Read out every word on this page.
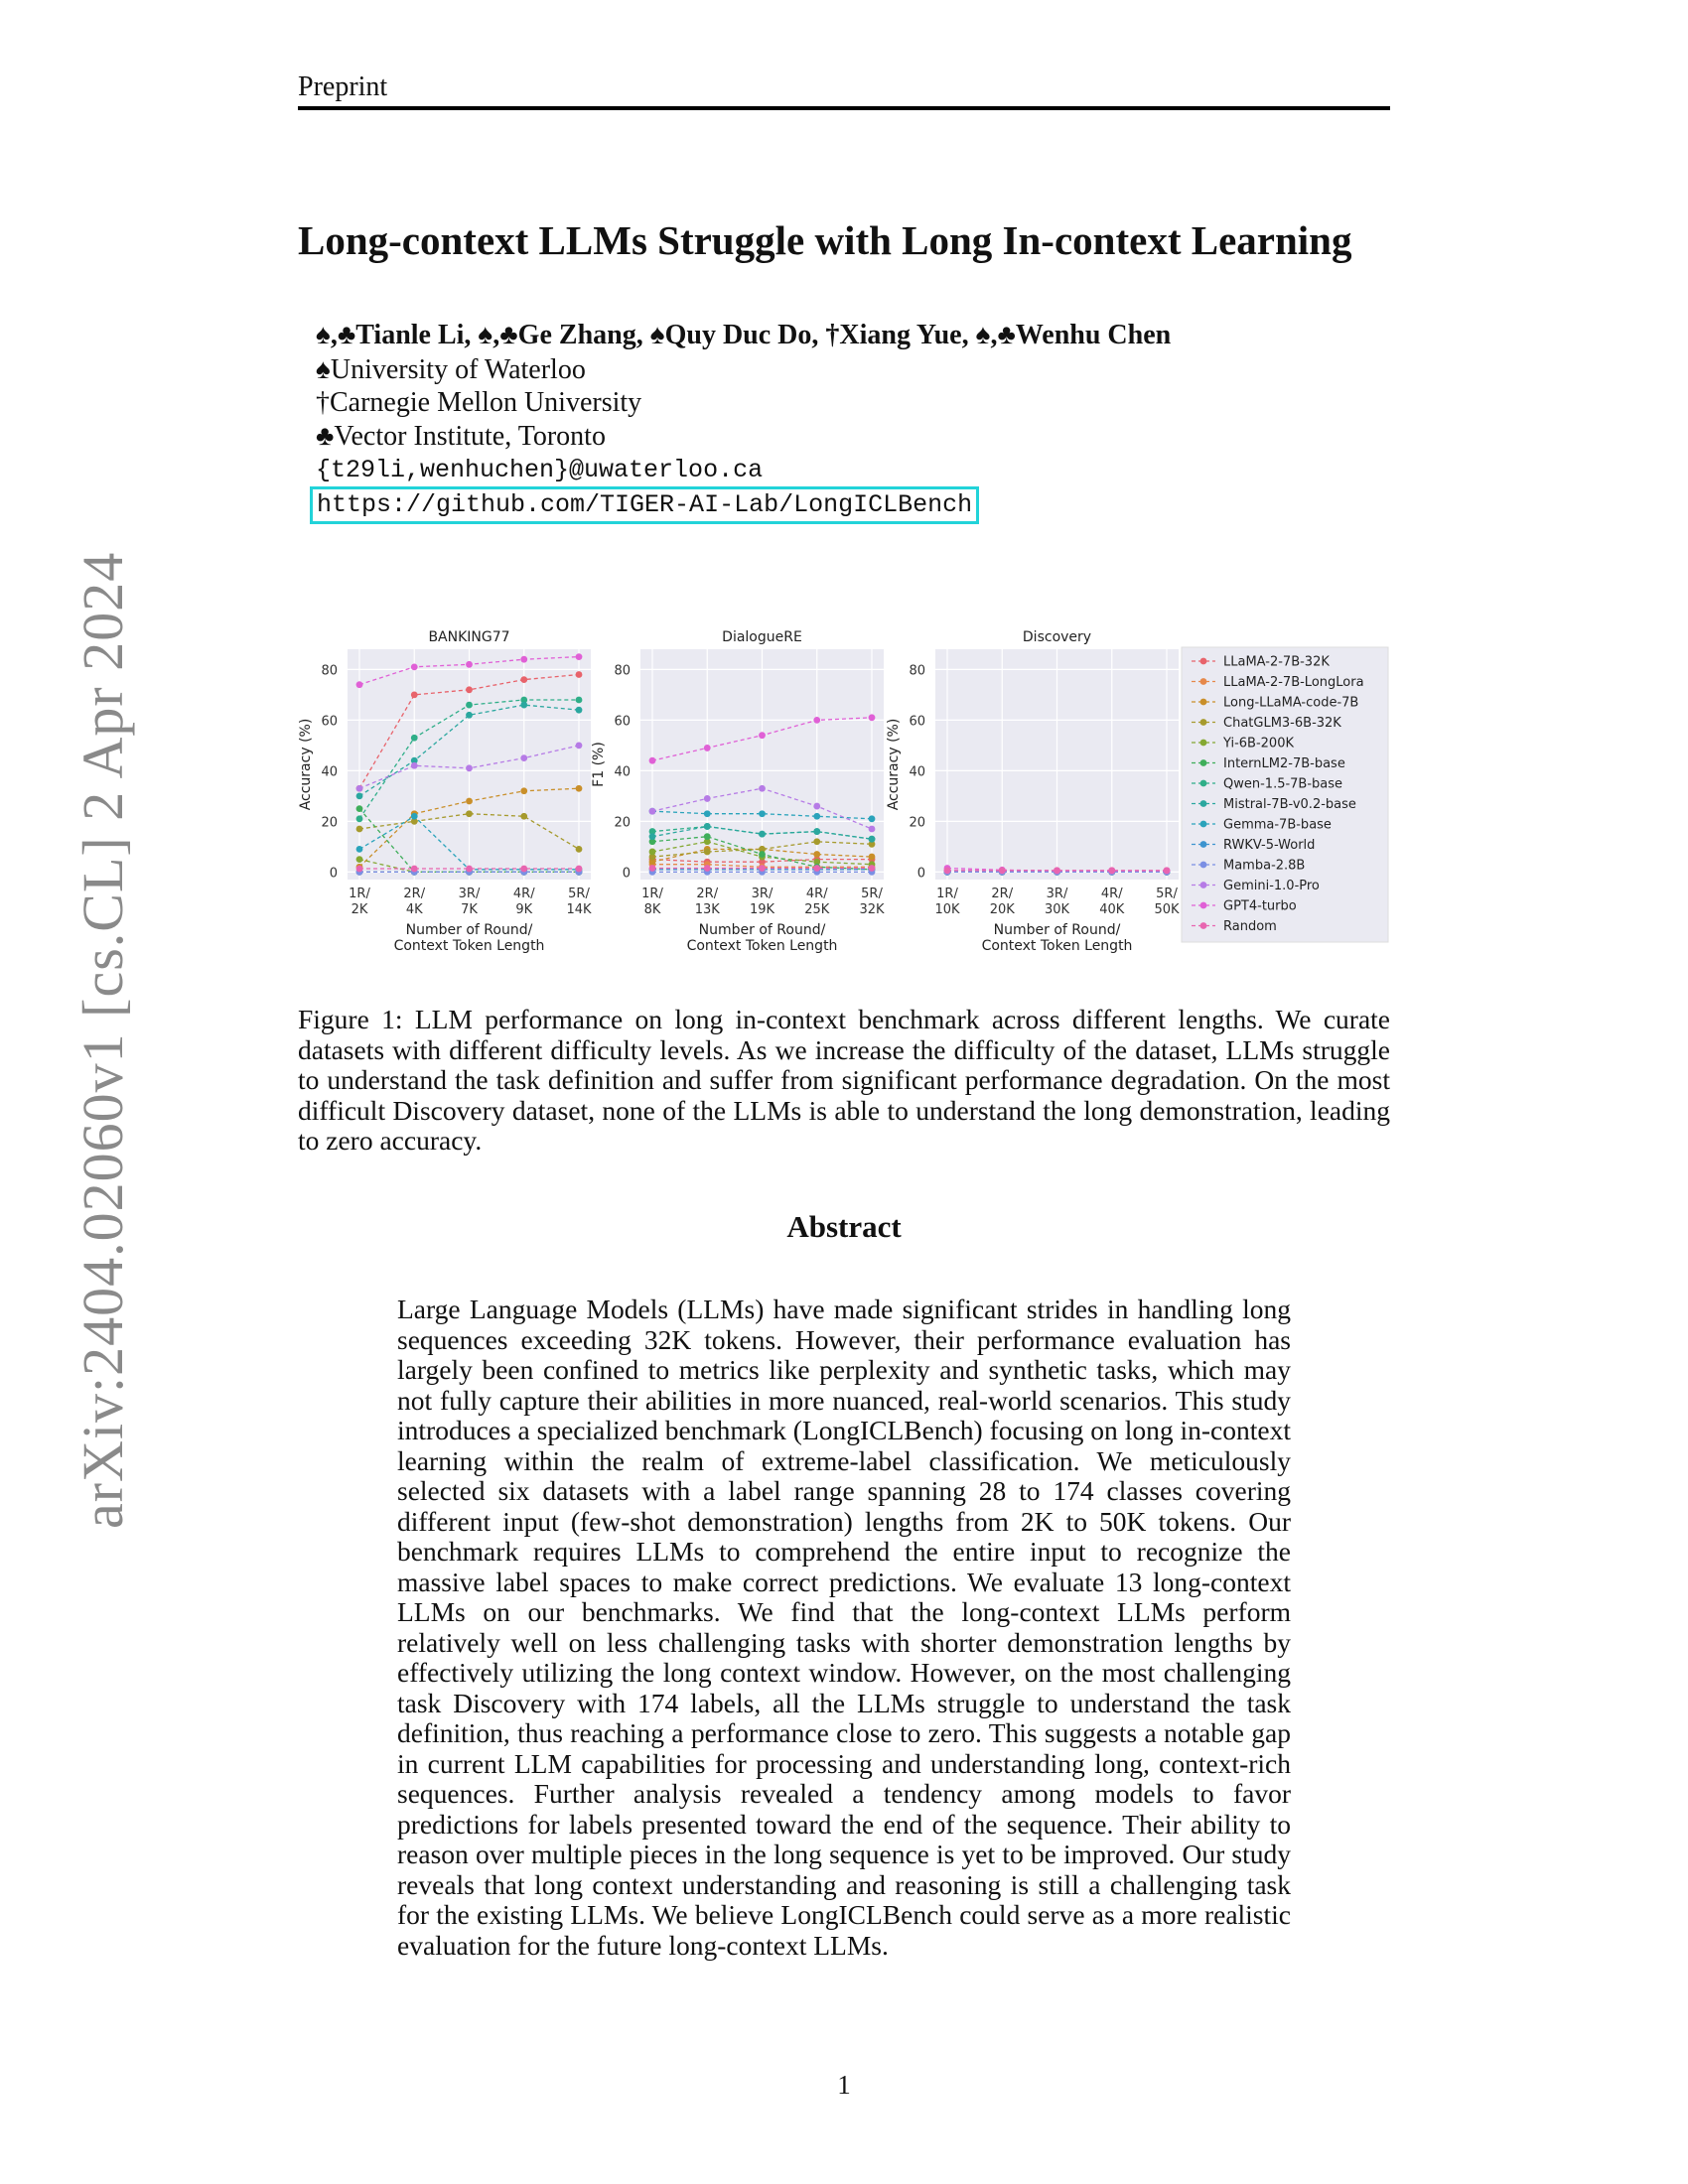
Preprint
arXiv:2404.02060v1 [cs.CL] 2 Apr 2024
Long-context LLMs Struggle with Long In-context Learning
♠,♣Tianle Li, ♠,♣Ge Zhang, ♠Quy Duc Do, †Xiang Yue, ♠,♣Wenhu Chen
♠University of Waterloo
†Carnegie Mellon University
♣Vector Institute, Toronto
{t29li,wenhuchen}@uwaterloo.ca
https://github.com/TIGER-AI-Lab/LongICLBench
0
20
40
60
80
1R/
2K
2R/
4K
3R/
7K
4R/
9K
5R/
14K
BANKING77
Number of Round/
Context Token Length
Accuracy (%)
0
20
40
60
80
1R/
8K
2R/
13K
3R/
19K
4R/
25K
5R/
32K
DialogueRE
Number of Round/
Context Token Length
F1 (%)
0
20
40
60
80
1R/
10K
2R/
20K
3R/
30K
4R/
40K
5R/
50K
Discovery
Number of Round/
Context Token Length
Accuracy (%)
LLaMA-2-7B-32K
LLaMA-2-7B-LongLora
Long-LLaMA-code-7B
ChatGLM3-6B-32K
Yi-6B-200K
InternLM2-7B-base
Qwen-1.5-7B-base
Mistral-7B-v0.2-base
Gemma-7B-base
RWKV-5-World
Mamba-2.8B
Gemini-1.0-Pro
GPT4-turbo
Random
Figure 1: LLM performance on long in-context benchmark across different lengths. We curate datasets with different difficulty levels. As we increase the difficulty of the dataset, LLMs struggle to understand the task definition and suffer from significant performance degradation. On the most difficult Discovery dataset, none of the LLMs is able to understand the long demonstration, leading to zero accuracy.
Abstract
Large Language Models (LLMs) have made significant strides in handling long sequences exceeding 32K tokens. However, their performance evaluation has largely been confined to metrics like perplexity and synthetic tasks, which may not fully capture their abilities in more nuanced, real-world scenarios. This study introduces a specialized benchmark (LongICLBench) focusing on long in-context learning within the realm of extreme-label classification. We meticulously selected six datasets with a label range spanning 28 to 174 classes covering different input (few-shot demonstration) lengths from 2K to 50K tokens. Our benchmark requires LLMs to comprehend the entire input to recognize the massive label spaces to make correct predictions. We evaluate 13 long-context LLMs on our benchmarks. We find that the long-context LLMs perform relatively well on less challenging tasks with shorter demonstration lengths by effectively utilizing the long context window. However, on the most challenging task Discovery with 174 labels, all the LLMs struggle to understand the task definition, thus reaching a performance close to zero. This suggests a notable gap in current LLM capabilities for processing and understanding long, context-rich sequences. Further analysis revealed a tendency among models to favor predictions for labels presented toward the end of the sequence. Their ability to reason over multiple pieces in the long sequence is yet to be improved. Our study reveals that long context understanding and reasoning is still a challenging task for the existing LLMs. We believe LongICLBench could serve as a more realistic evaluation for the future long-context LLMs.
1
